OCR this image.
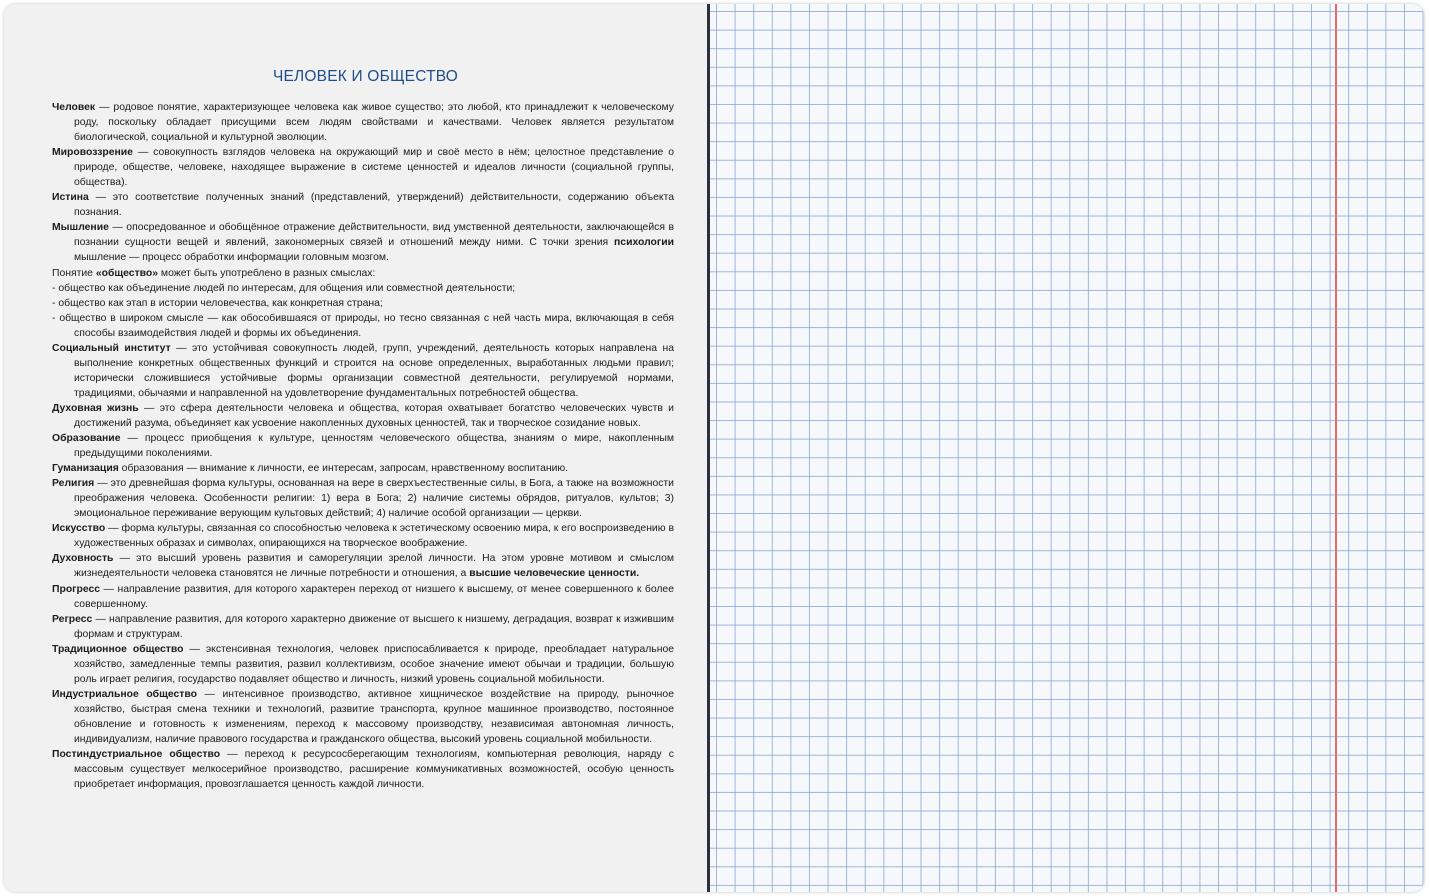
ЧЕЛОВЕК И ОБЩЕСТВО

Человек — родовое понятие, характеризующее человека как живое существо; это любой, кто принадлежит к человеческому роду, поскольку обладает присущими всем людям свойствами и качествами. Человек является результатом биологической, социальной и культурной эволюции.

Мировоззрение — совокупность взглядов человека на окружающий мир и своё место в нём; целостное представление о природе, обществе, человеке, находящее выражение в системе ценностей и идеалов личности (социальной группы, общества).

Истина — это соответствие полученных знаний (представлений, утверждений) действительности, содержанию объекта познания.

Мышление — опосредованное и обобщённое отражение действительности, вид умственной деятельности, заключающейся в познании сущности вещей и явлений, закономерных связей и отношений между ними. С точки зрения психологии мышление — процесс обработки информации головным мозгом.

Понятие «общество» может быть употреблено в разных смыслах:

- общество как объединение людей по интересам, для общения или совместной деятельности;

- общество как этап в истории человечества, как конкретная страна;

- общество в широком смысле — как обособившаяся от природы, но тесно связанная с ней часть мира, включающая в себя способы взаимодействия людей и формы их объединения.

Социальный институт — это устойчивая совокупность людей, групп, учреждений, деятельность которых направлена на выполнение конкретных общественных функций и строится на основе определенных, выработанных людьми правил; исторически сложившиеся устойчивые формы организации совместной деятельности, регулируемой нормами, традициями, обычаями и направленной на удовлетворение фундаментальных потребностей общества.

Духовная жизнь — это сфера деятельности человека и общества, которая охватывает богатство человеческих чувств и достижений разума, объединяет как усвоение накопленных духовных ценностей, так и творческое созидание новых.

Образование — процесс приобщения к культуре, ценностям человеческого общества, знаниям о мире, накопленным предыдущими поколениями.

Гуманизация образования — внимание к личности, ее интересам, запросам, нравственному воспитанию.

Религия — это древнейшая форма культуры, основанная на вере в сверхъестественные силы, в Бога, а также на возможности преображения человека. Особенности религии: 1) вера в Бога; 2) наличие системы обрядов, ритуалов, культов; 3) эмоциональное переживание верующим культовых действий; 4) наличие особой организации — церкви.

Искусство — форма культуры, связанная со способностью человека к эстетическому освоению мира, к его воспроизведению в художественных образах и символах, опирающихся на творческое воображение.

Духовность — это высший уровень развития и саморегуляции зрелой личности. На этом уровне мотивом и смыслом жизнедеятельности человека становятся не личные потребности и отношения, а высшие человеческие ценности.

Прогресс — направление развития, для которого характерен переход от низшего к высшему, от менее совершенного к более совершенному.

Регресс — направление развития, для которого характерно движение от высшего к низшему, деградация, возврат к изжившим формам и структурам.

Традиционное общество — экстенсивная технология, человек приспосабливается к природе, преобладает натуральное хозяйство, замедленные темпы развития, развил коллективизм, особое значение имеют обычаи и традиции, большую роль играет религия, государство подавляет общество и личность, низкий уровень социальной мобильности.

Индустриальное общество — интенсивное производство, активное хищническое воздействие на природу, рыночное хозяйство, быстрая смена техники и технологий, развитие транспорта, крупное машинное производство, постоянное обновление и готовность к изменениям, переход к массовому производству, независимая автономная личность, индивидуализм, наличие правового государства и гражданского общества, высокий уровень социальной мобильности.

Постиндустриальное общество — переход к ресурсосберегающим технологиям, компьютерная революция, наряду с массовым существует мелкосерийное производство, расширение коммуникативных возможностей, особую ценность приобретает информация, провозглашается ценность каждой личности.
